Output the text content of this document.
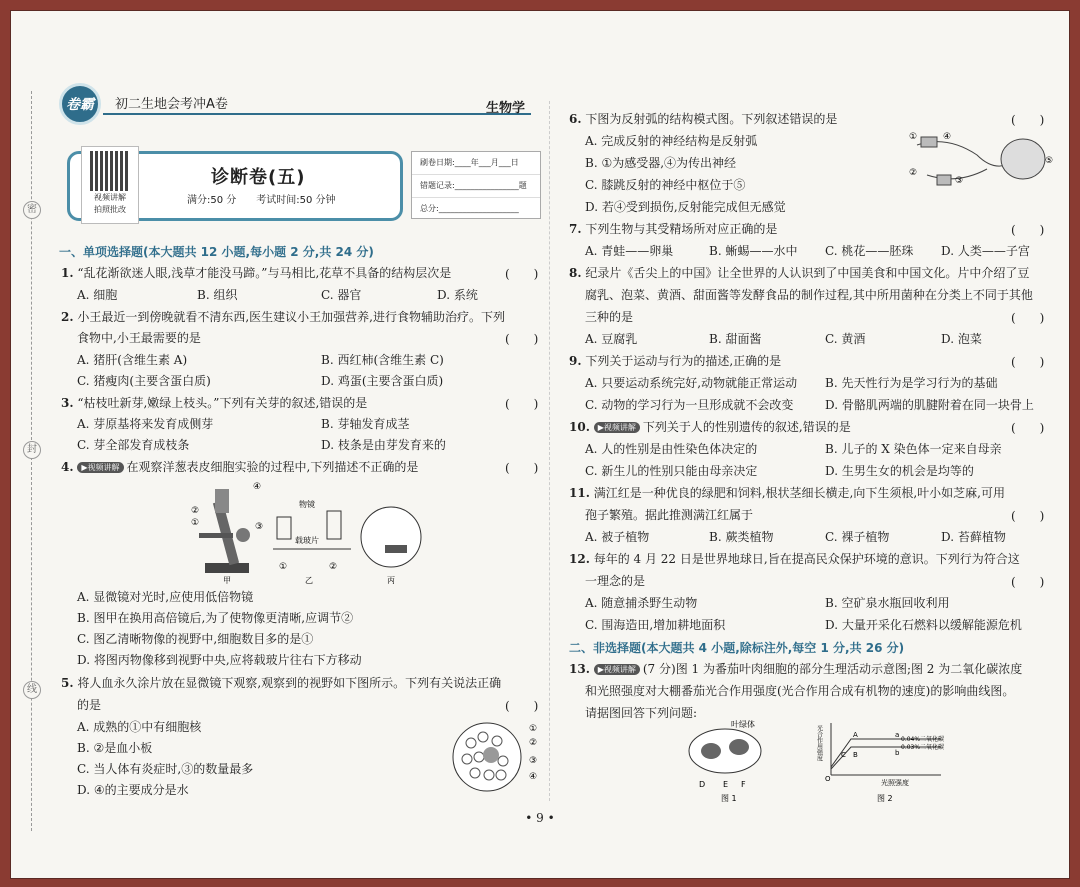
密
封
线
卷霸 初二生地会考冲A卷	生物学
视频讲解
拍照批改
诊断卷(五)
满分:50 分　　考试时间:50 分钟
刷卷日期:____年___月___日
错题记录:________________题
总分:____________________
一、单项选择题(本大题共 12 小题,每小题 2 分,共 24 分)
1. “乱花渐欲迷人眼,浅草才能没马蹄。”与马相比,花草不具备的结构层次是	(　　)
A. 细胞	B. 组织	C. 器官	D. 系统
2. 小王最近一到傍晚就看不清东西,医生建议小王加强营养,进行食物辅助治疗。下列
食物中,小王最需要的是	(　　)
A. 猪肝(含维生素 A)	B. 西红柿(含维生素 C)
C. 猪瘦肉(主要含蛋白质)	D. 鸡蛋(主要含蛋白质)
3. “枯枝吐新芽,嫩绿上枝头。”下列有关芽的叙述,错误的是	(　　)
A. 芽原基将来发育成侧芽	B. 芽轴发育成茎
C. 芽全部发育成枝条	D. 枝条是由芽发育来的
4. ▶视频讲解 在观察洋葱表皮细胞实验的过程中,下列描述不正确的是	(　　)
④
②
①	③
物镜
载玻片
①	②
甲	乙	丙
A. 显微镜对光时,应使用低倍物镜
B. 图甲在换用高倍镜后,为了使物像更清晰,应调节②
C. 图乙清晰物像的视野中,细胞数目多的是①
D. 将图丙物像移到视野中央,应将载玻片往右下方移动
5. 将人血永久涂片放在显微镜下观察,观察到的视野如下图所示。下列有关说法正确
的是	(　　)
A. 成熟的①中有细胞核
B. ②是血小板
C. 当人体有炎症时,③的数量最多
D. ④的主要成分是水
①
②
③
④
6. 下图为反射弧的结构模式图。下列叙述错误的是	(　　)
A. 完成反射的神经结构是反射弧
B. ①为感受器,④为传出神经
C. 膝跳反射的神经中枢位于⑤
D. 若④受到损伤,反射能完成但无感觉
④
①
②
③
⑤
7. 下列生物与其受精场所对应正确的是	(　　)
A. 青蛙——卵巢	B. 蜥蜴——水中 C. 桃花——胚珠 D. 人类——子宫
8. 纪录片《舌尖上的中国》让全世界的人认识到了中国美食和中国文化。片中介绍了豆
腐乳、泡菜、黄酒、甜面酱等发酵食品的制作过程,其中所用菌种在分类上不同于其他
三种的是	(　　)
A. 豆腐乳	B. 甜面酱	C. 黄酒	D. 泡菜
9. 下列关于运动与行为的描述,正确的是	(　　)
A. 只要运动系统完好,动物就能正常运动 B. 先天性行为是学习行为的基础
C. 动物的学习行为一旦形成就不会改变	D. 骨骼肌两端的肌腱附着在同一块骨上
10. ▶视频讲解 下列关于人的性别遗传的叙述,错误的是	(　　)
A. 人的性别是由性染色体决定的	B. 儿子的 X 染色体一定来自母亲
C. 新生儿的性别只能由母亲决定	D. 生男生女的机会是均等的
11. 满江红是一种优良的绿肥和饲料,根状茎细长横走,向下生须根,叶小如芝麻,可用
孢子繁殖。据此推测满江红属于	(　　)
A. 被子植物	B. 蕨类植物	C. 裸子植物	D. 苔藓植物
12. 每年的 4 月 22 日是世界地球日,旨在提高民众保护环境的意识。下列行为符合这
一理念的是	(　　)
A. 随意捕杀野生动物	B. 空矿泉水瓶回收利用
C. 围海造田,增加耕地面积	D. 大量开采化石燃料以缓解能源危机
二、非选择题(本大题共 4 小题,除标注外,每空 1 分,共 26 分)
13. ▶视频讲解 (7 分)图 1 为番茄叶肉细胞的部分生理活动示意图;图 2 为二氧化碳浓度
和光照强度对大棚番茄光合作用强度(光合作用合成有机物的速度)的影响曲线图。
请据图回答下列问题:
叶绿体
D E F
图 1
A
B
a
b
O
C
0.04%二氧化碳
0.03%二氧化碳
光照强度
光合作用强度
图 2
• 9 •
